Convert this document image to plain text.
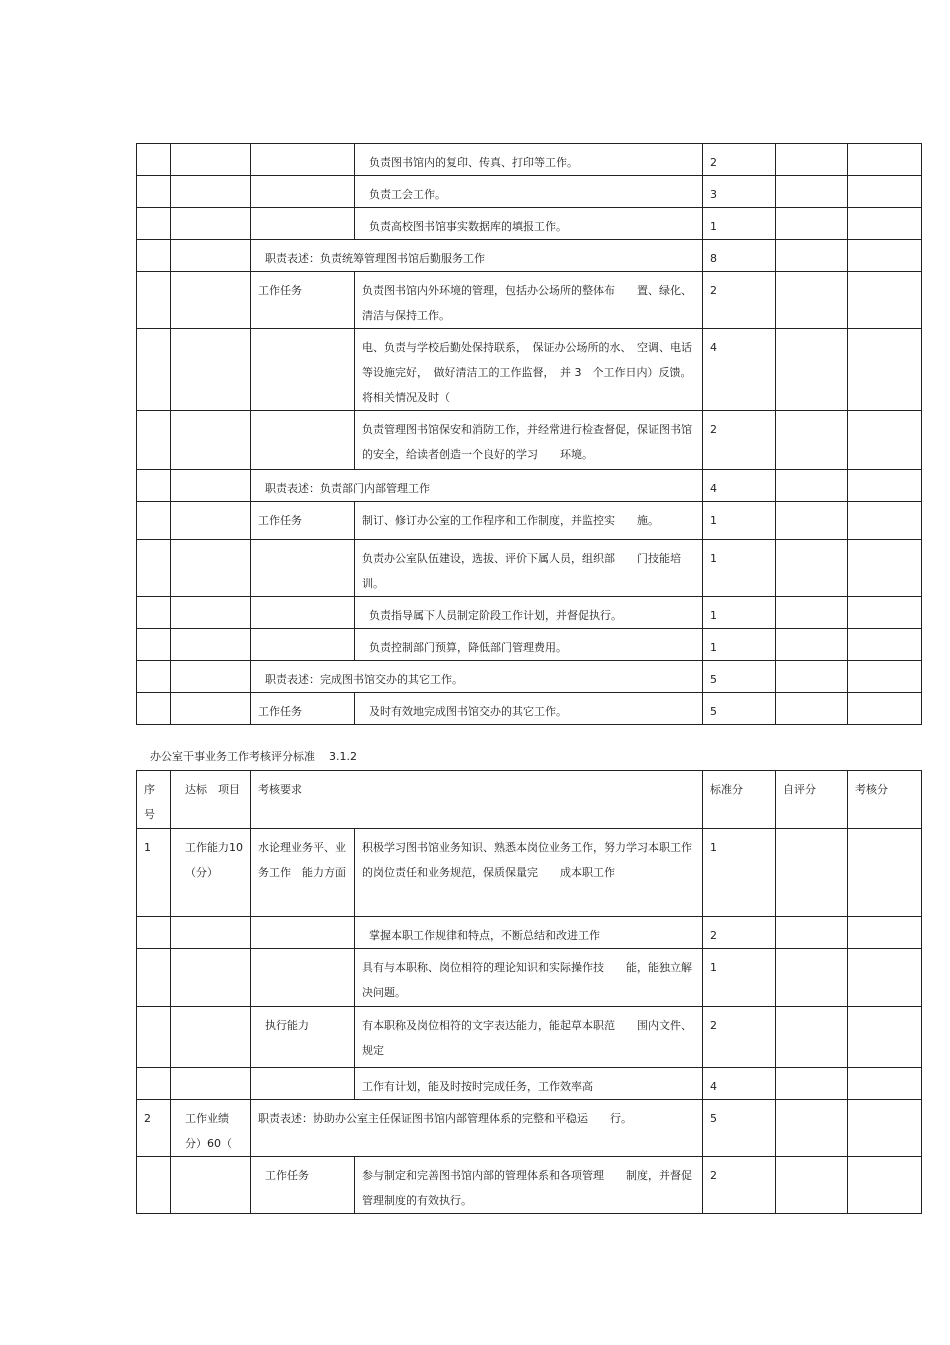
			负责图书馆内的复印、传真、打印等工作。	2		
			负责工会工作。	3		
			负责高校图书馆事实数据库的填报工作。	1		
		职责表述：负责统筹管理图书馆后勤服务工作		8		
		工作任务	负责图书馆内外环境的管理，包括办公场所的整体布　　置、绿化、清洁与保持工作。	2		
			电、负责与学校后勤处保持联系，　保证办公场所的水、　空调、电话等设施完好，　做好清洁工的工作监督，　并 3　个工作日内）反馈。将相关情况及时（	4		
			负责管理图书馆保安和消防工作，并经常进行检查督促，保证图书馆的安全，给读者创造一个良好的学习　　环境。	2		
		职责表述：负责部门内部管理工作		4		
		工作任务	制订、修订办公室的工作程序和工作制度，并监控实　　施。	1		
			负责办公室队伍建设，选拔、评价下属人员，组织部　　门技能培训。	1		
			负责指导属下人员制定阶段工作计划，并督促执行。	1		
			负责控制部门预算，降低部门管理费用。	1		
		职责表述：完成图书馆交办的其它工作。		5		
		工作任务	及时有效地完成图书馆交办的其它工作。	5		
办公室干事业务工作考核评分标准 3.1.2
序号	达标　项目	考核要求		标准分	自评分	考核分
1	工作能力10（分）	水论理业务平、业务工作　能力方面	积极学习图书馆业务知识、熟悉本岗位业务工作，努力学习本职工作的岗位责任和业务规范，保质保量完　　成本职工作	1		
			掌握本职工作规律和特点，不断总结和改进工作	2		
			具有与本职称、岗位相符的理论知识和实际操作技　　能，能独立解决问题。	1		
		执行能力	有本职称及岗位相符的文字表达能力，能起草本职范　　围内文件、规定	2		
			工作有计划，能及时按时完成任务，工作效率高	4		
2	工作业绩分）60（	职责表述：协助办公室主任保证图书馆内部管理体系的完整和平稳运　　行。		5		
		工作任务	参与制定和完善图书馆内部的管理体系和各项管理　　制度，并督促管理制度的有效执行。	2		
